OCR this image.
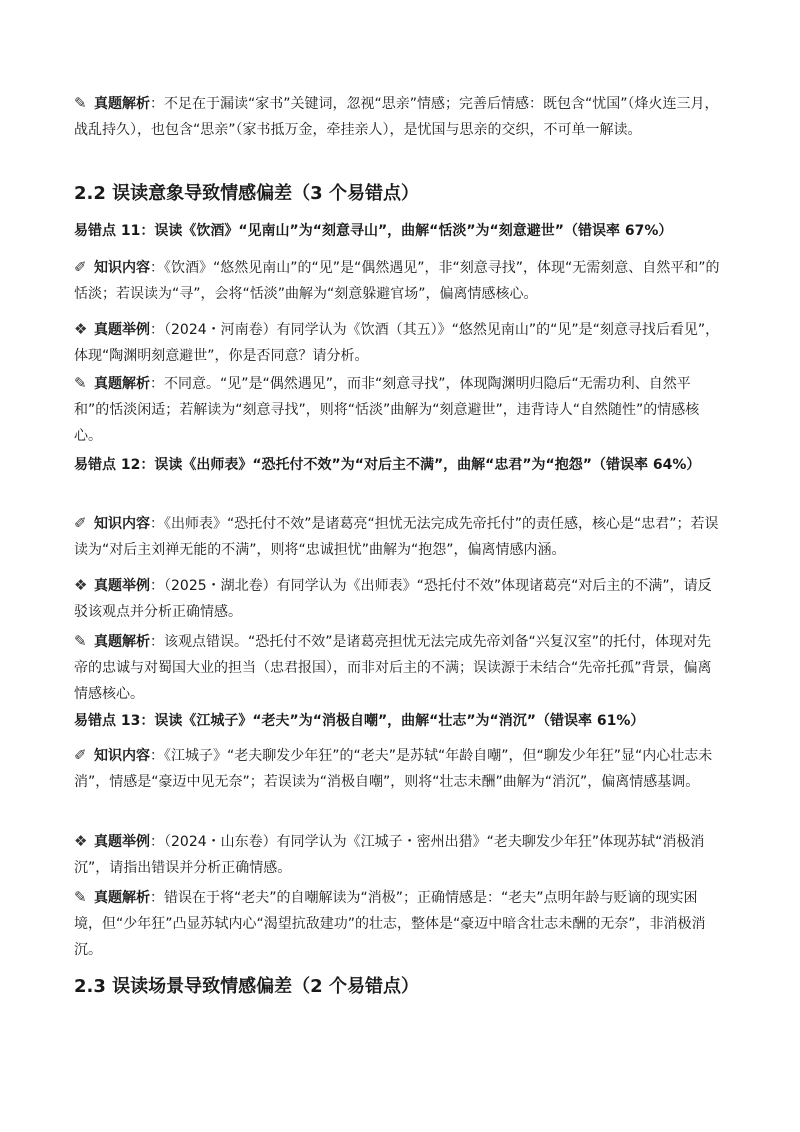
✎ 真题解析：不足在于漏读“家书”关键词，忽视“思亲”情感；完善后情感：既包含“忧国”（烽火连三月，战乱持久），也包含“思亲”（家书抵万金，牵挂亲人），是忧国与思亲的交织，不可单一解读。
2.2 误读意象导致情感偏差（3 个易错点）
易错点 11：误读《饮酒》“见南山”为“刻意寻山”，曲解“恬淡”为“刻意避世”（错误率 67%）
✐ 知识内容：《饮酒》“悠然见南山”的“见”是“偶然遇见”，非“刻意寻找”，体现“无需刻意、自然平和”的恬淡；若误读为“寻”，会将“恬淡”曲解为“刻意躲避官场”，偏离情感核心。
❖ 真题举例：（2024・河南卷）有同学认为《饮酒（其五）》“悠然见南山”的“见”是“刻意寻找后看见”，体现“陶渊明刻意避世”，你是否同意？请分析。
✎ 真题解析：不同意。“见”是“偶然遇见”，而非“刻意寻找”，体现陶渊明归隐后“无需功利、自然平和”的恬淡闲适；若解读为“刻意寻找”，则将“恬淡”曲解为“刻意避世”，违背诗人“自然随性”的情感核心。
易错点 12：误读《出师表》“恐托付不效”为“对后主不满”，曲解“忠君”为“抱怨”（错误率 64%）
✐ 知识内容：《出师表》“恐托付不效”是诸葛亮“担忧无法完成先帝托付”的责任感，核心是“忠君”；若误读为“对后主刘禅无能的不满”，则将“忠诚担忧”曲解为“抱怨”，偏离情感内涵。
❖ 真题举例：（2025・湖北卷）有同学认为《出师表》“恐托付不效”体现诸葛亮“对后主的不满”，请反驳该观点并分析正确情感。
✎ 真题解析：该观点错误。“恐托付不效”是诸葛亮担忧无法完成先帝刘备“兴复汉室”的托付，体现对先帝的忠诚与对蜀国大业的担当（忠君报国），而非对后主的不满；误读源于未结合“先帝托孤”背景，偏离情感核心。
易错点 13：误读《江城子》“老夫”为“消极自嘲”，曲解“壮志”为“消沉”（错误率 61%）
✐ 知识内容：《江城子》“老夫聊发少年狂”的“老夫”是苏轼“年龄自嘲”，但“聊发少年狂”显“内心壮志未消”，情感是“豪迈中见无奈”；若误读为“消极自嘲”，则将“壮志未酬”曲解为“消沉”，偏离情感基调。
❖ 真题举例：（2024・山东卷）有同学认为《江城子・密州出猎》“老夫聊发少年狂”体现苏轼“消极消沉”，请指出错误并分析正确情感。
✎ 真题解析：错误在于将“老夫”的自嘲解读为“消极”；正确情感是：“老夫”点明年龄与贬谪的现实困境，但“少年狂”凸显苏轼内心“渴望抗敌建功”的壮志，整体是“豪迈中暗含壮志未酬的无奈”，非消极消沉。
2.3 误读场景导致情感偏差（2 个易错点）
